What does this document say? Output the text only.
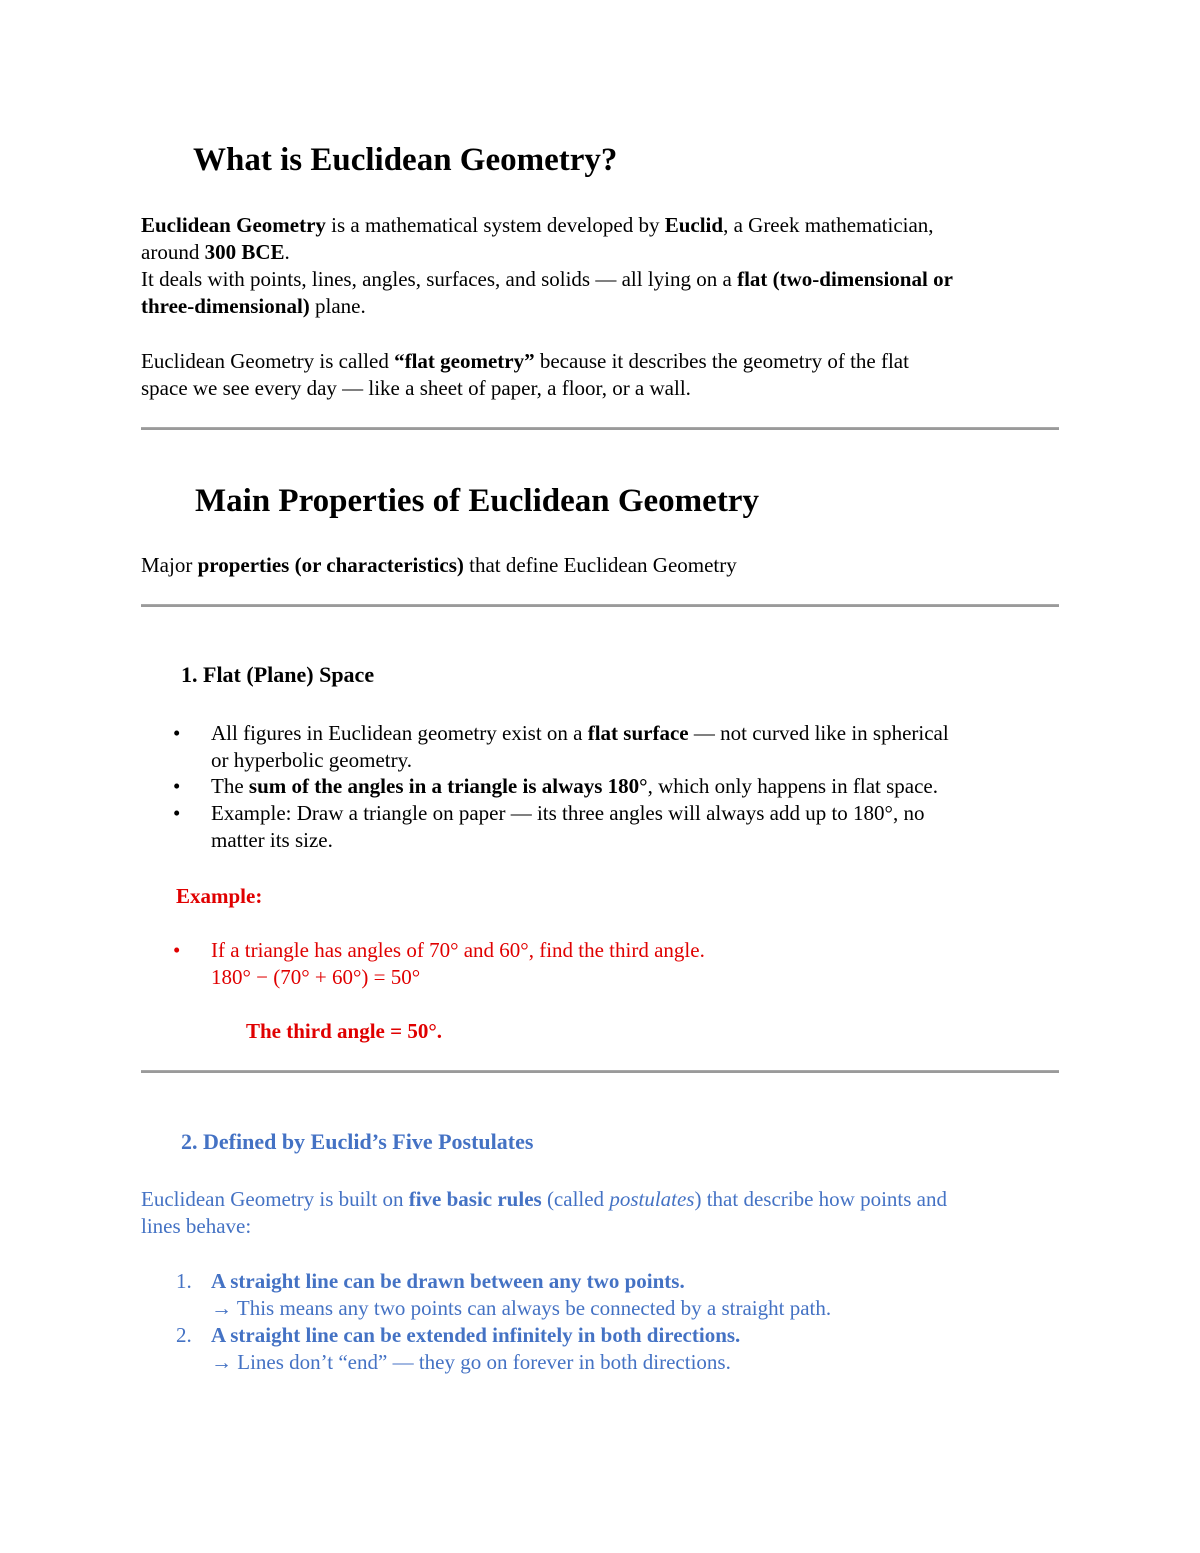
What is Euclidean Geometry?
Euclidean Geometry is a mathematical system developed by Euclid, a Greek mathematician,
around 300 BCE.
It deals with points, lines, angles, surfaces, and solids — all lying on a flat (two-dimensional or
three-dimensional) plane.
Euclidean Geometry is called “flat geometry” because it describes the geometry of the flat
space we see every day — like a sheet of paper, a floor, or a wall.
Main Properties of Euclidean Geometry
Major properties (or characteristics) that define Euclidean Geometry
1. Flat (Plane) Space
• All figures in Euclidean geometry exist on a flat surface — not curved like in spherical
or hyperbolic geometry.
• The sum of the angles in a triangle is always 180°, which only happens in flat space.
• Example: Draw a triangle on paper — its three angles will always add up to 180°, no
matter its size.
Example:
• If a triangle has angles of 70° and 60°, find the third angle.
180° − (70° + 60°) = 50°
The third angle = 50°.
2. Defined by Euclid’s Five Postulates
Euclidean Geometry is built on five basic rules (called postulates) that describe how points and
lines behave:
1. A straight line can be drawn between any two points.
→ This means any two points can always be connected by a straight path.
2. A straight line can be extended infinitely in both directions.
→ Lines don’t “end” — they go on forever in both directions.
